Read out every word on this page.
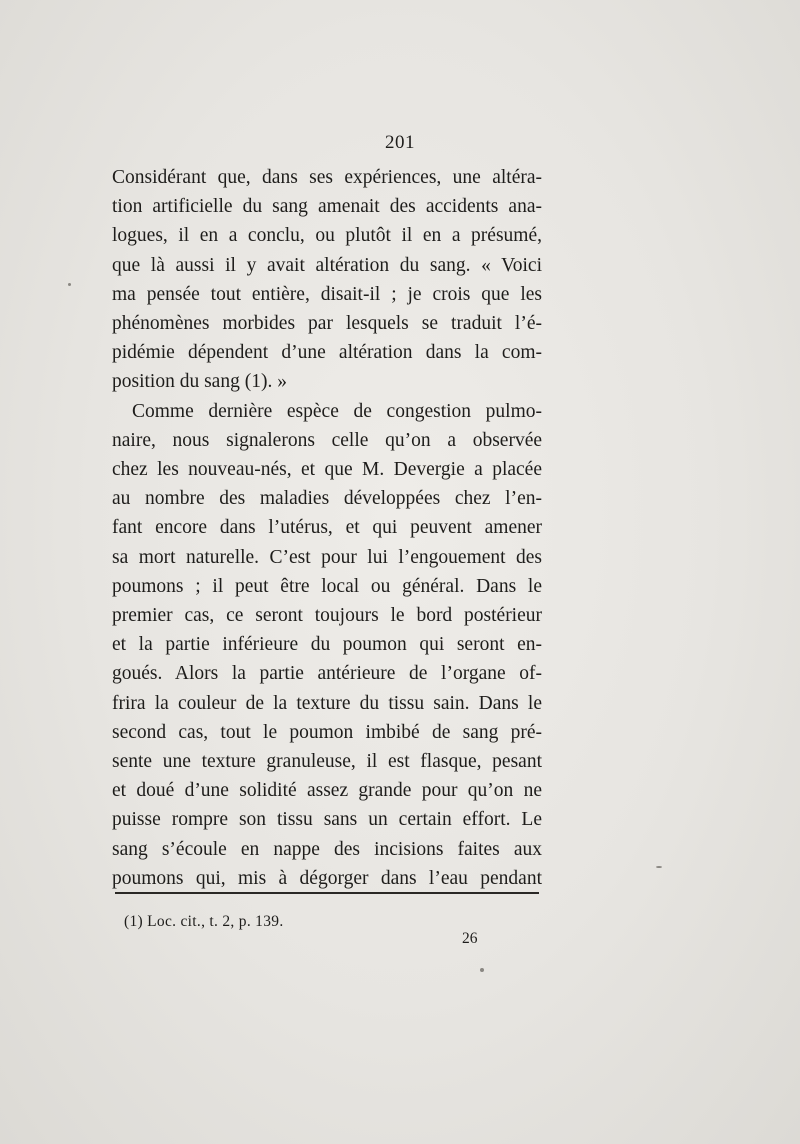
201
Considérant que, dans ses expériences, une altéra-
tion artificielle du sang amenait des accidents ana-
logues, il en a conclu, ou plutôt il en a présumé,
que là aussi il y avait altération du sang. « Voici
ma pensée tout entière, disait-il ; je crois que les
phénomènes morbides par lesquels se traduit l’é-
pidémie dépendent d’une altération dans la com-
position du sang (1). »
Comme dernière espèce de congestion pulmo-
naire, nous signalerons celle qu’on a observée
chez les nouveau-nés, et que M. Devergie a placée
au nombre des maladies développées chez l’en-
fant encore dans l’utérus, et qui peuvent amener
sa mort naturelle. C’est pour lui l’engouement des
poumons ; il peut être local ou général. Dans le
premier cas, ce seront toujours le bord postérieur
et la partie inférieure du poumon qui seront en-
goués. Alors la partie antérieure de l’organe of-
frira la couleur de la texture du tissu sain. Dans le
second cas, tout le poumon imbibé de sang pré-
sente une texture granuleuse, il est flasque, pesant
et doué d’une solidité assez grande pour qu’on ne
puisse rompre son tissu sans un certain effort. Le
sang s’écoule en nappe des incisions faites aux
poumons qui, mis à dégorger dans l’eau pendant
(1) Loc. cit., t. 2, p. 139.
26
